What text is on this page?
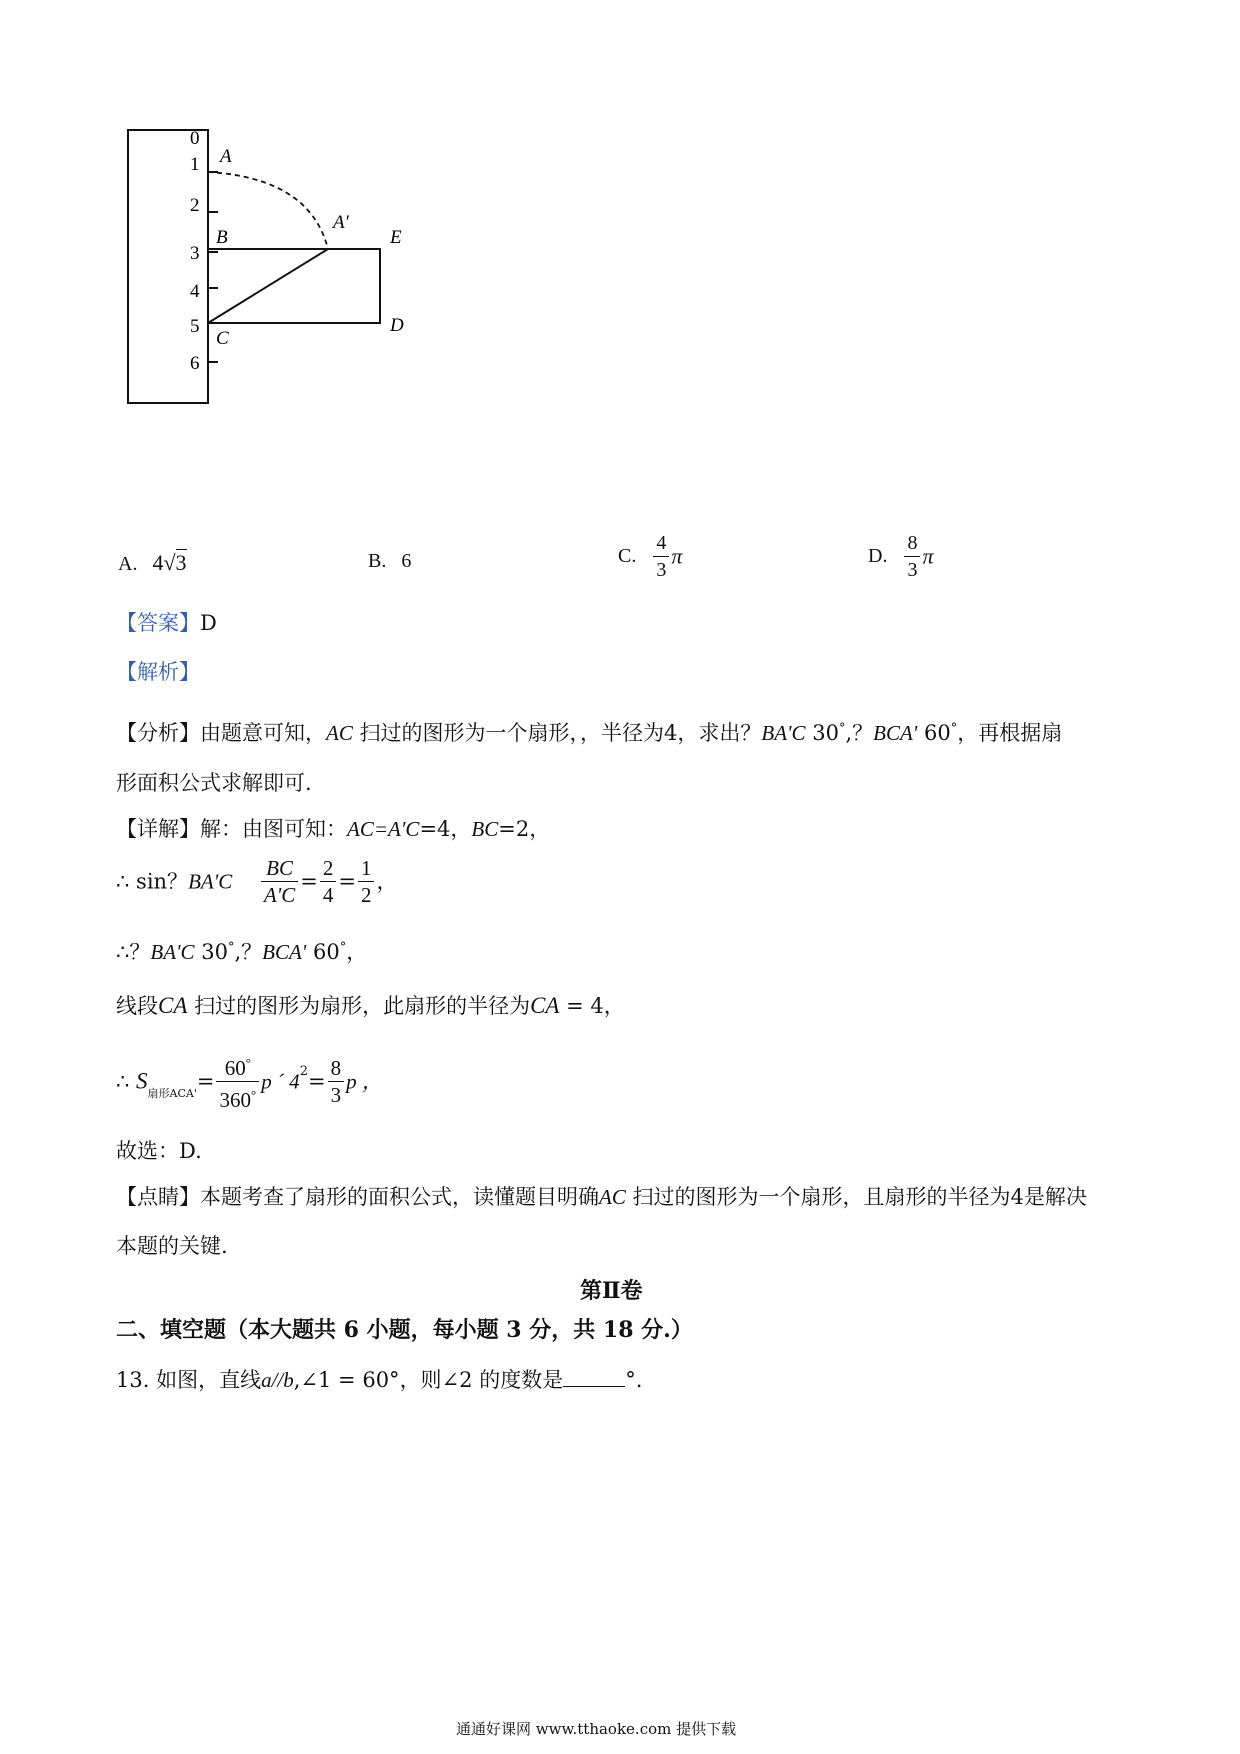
0
1
2
3
4
5
6
A
A′
B	E
C
D
A. 4√3	B. 6	C. $\frac{4}{3}$ π	D. $\frac{8}{3}$ π
【答案】D
【解析】
【分析】由题意可知，AC 扫过的图形为一个扇形，，半径为4，求出？BA'C 30°,？BCA' 60°，再根据扇
形面积公式求解即可.
【详解】解：由图可知：AC=A′C=4，BC=2，
∴ sin？$BA'C \frac{BC}{A'C} = \frac{2}{4} = \frac{1}{2}$ ，
∴？BA'C 30°,？BCA' 60°，
线段CA 扫过的图形为扇形，此扇形的半径为CA = 4，
∴ $S_{扇形ACA'}= \frac{60^\circ}{360^\circ}$ p ´ $4^2= \frac{8}{3}$ p ，
故选：D.
【点睛】本题考查了扇形的面积公式，读懂题目明确AC 扫过的图形为一个扇形，且扇形的半径为4是解决
本题的关键.
第Ⅱ卷
二、填空题（本大题共 6 小题，每小题 3 分，共 18 分.）
13. 如图，直线a//b,∠1 = 60°，则∠2 的度数是	°.
通通好课网 www.tthaoke.com 提供下载
